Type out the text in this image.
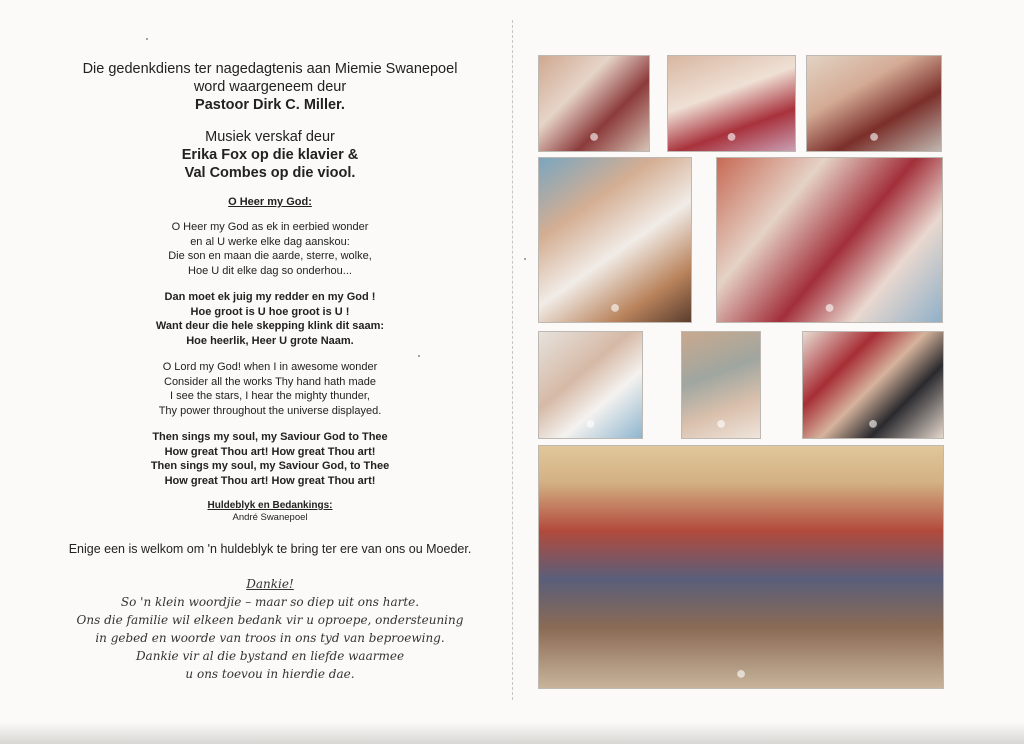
Die gedenkdiens ter nagedagtenis aan Miemie Swanepoel
word waargeneem deur
Pastoor Dirk C. Miller.
Musiek verskaf deur
Erika Fox op die klavier &
Val Combes op die viool.
O Heer my God:
O Heer my God as ek in eerbied wonder
en al U werke elke dag aanskou:
Die son en maan die aarde, sterre, wolke,
Hoe U dit elke dag so onderhou...
Dan moet ek juig my redder en my God !
Hoe groot is U hoe groot is U !
Want deur die hele skepping klink dit saam:
Hoe heerlik, Heer U grote Naam.
O Lord my God! when I in awesome wonder
Consider all the works Thy hand hath made
I see the stars, I hear the mighty thunder,
Thy power throughout the universe displayed.
Then sings my soul, my Saviour God to Thee
How great Thou art! How great Thou art!
Then sings my soul, my Saviour God, to Thee
How great Thou art! How great Thou art!
Huldeblyk en Bedankings:
André Swanepoel
Enige een is welkom om 'n huldeblyk te bring ter ere van ons ou Moeder.
Dankie!
So 'n klein woordjie – maar so diep uit ons harte.
Ons die familie wil elkeen bedank vir u oproepe, ondersteuning
in gebed en woorde van troos in ons tyd van beproewing.
Dankie vir al die bystand en liefde waarmee
u ons toevou in hierdie dae.
●	●	●
●	●
●	●	●
●
